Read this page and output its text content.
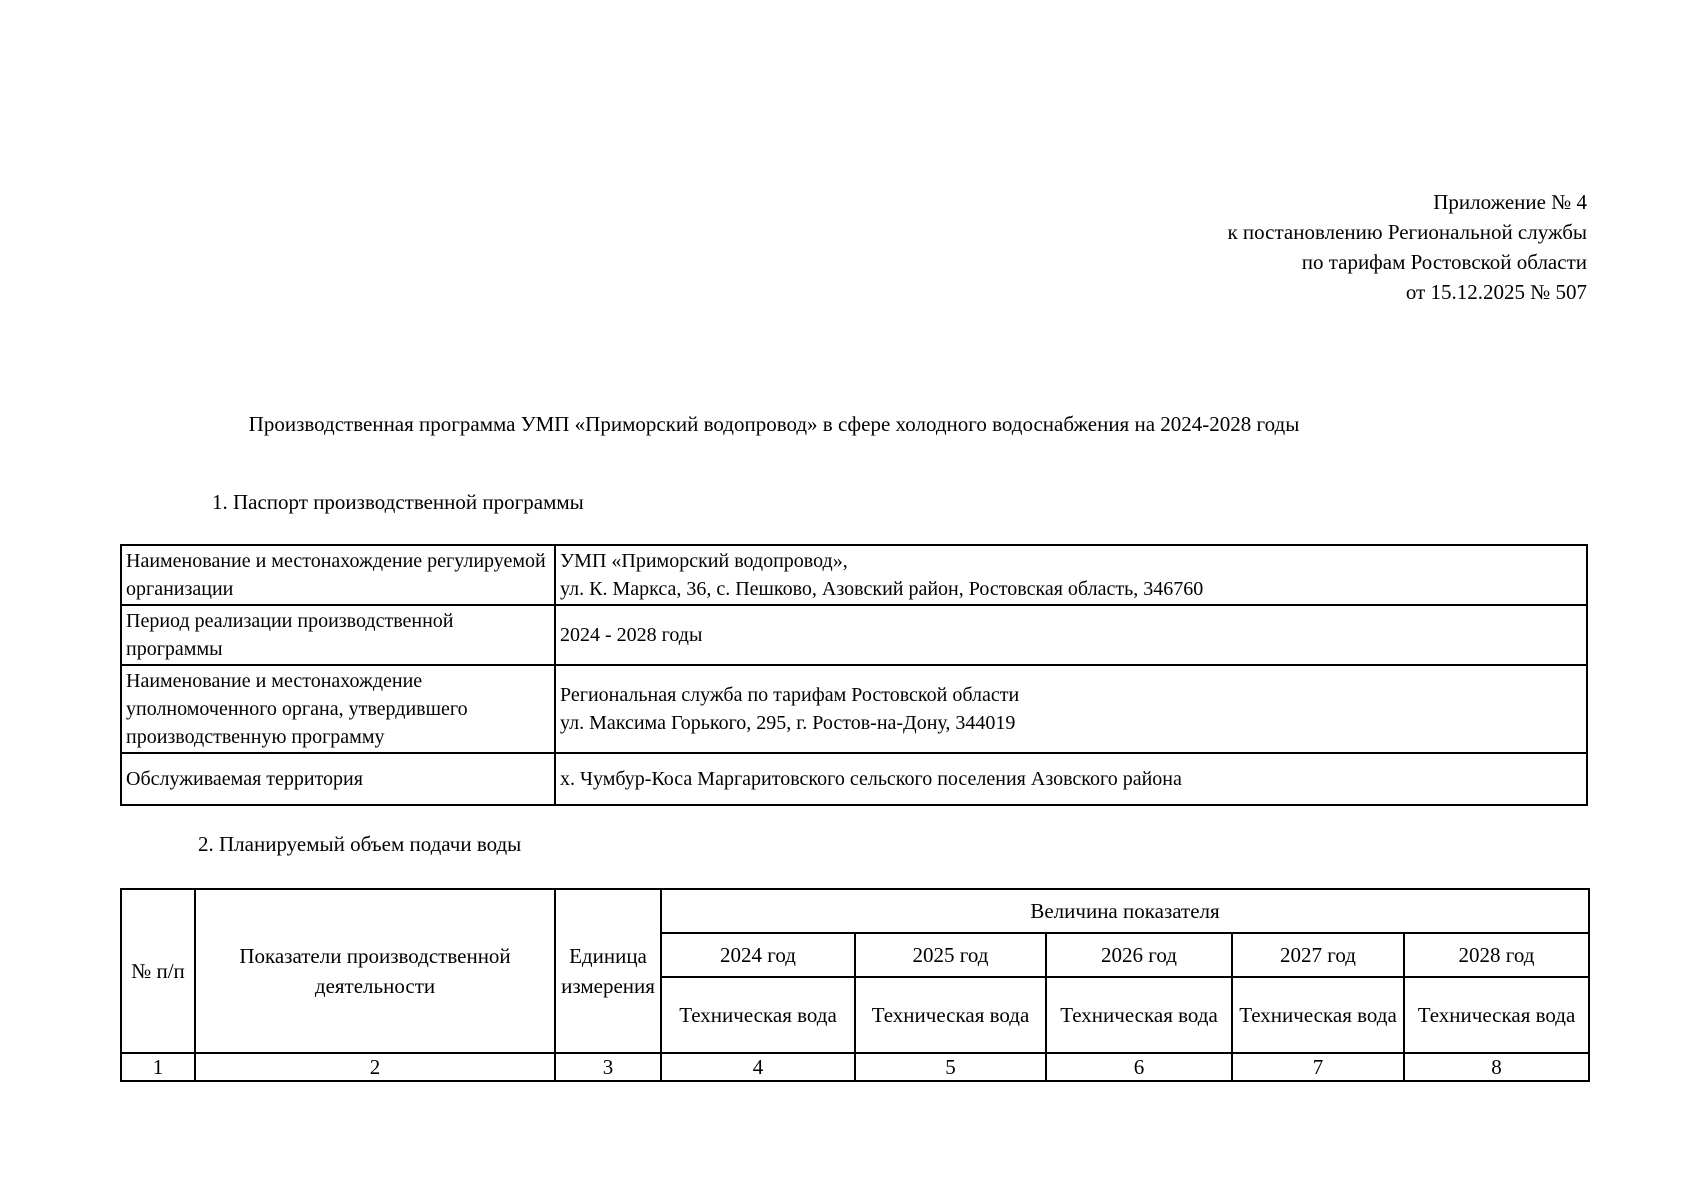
Приложение № 4
к постановлению Региональной службы
по тарифам Ростовской области
от 15.12.2025 № 507
Производственная программа УМП «Приморский водопровод» в сфере холодного водоснабжения на 2024-2028 годы
1. Паспорт производственной программы
Наименование и местонахождение регулируемой организации	УМП «Приморский водопровод»,
ул. К. Маркса, 36, с. Пешково, Азовский район, Ростовская область, 346760

Период реализации производственной программы	2024 - 2028 годы

Наименование и местонахождение уполномоченного органа, утвердившего производственную программу	Региональная служба по тарифам Ростовской области
ул. Максима Горького, 295, г. Ростов-на-Дону, 344019

Обслуживаемая территория	х. Чумбур-Коса Маргаритовского сельского поселения Азовского района
2. Планируемый объем подачи воды
№ п/п	Показатели производственной деятельности	Единица измерения	Величина показателя				
			2024 год	2025 год	2026 год	2027 год	2028 год
			Техническая вода	Техническая вода	Техническая вода	Техническая вода	Техническая вода
1	2	3	4	5	6	7	8
